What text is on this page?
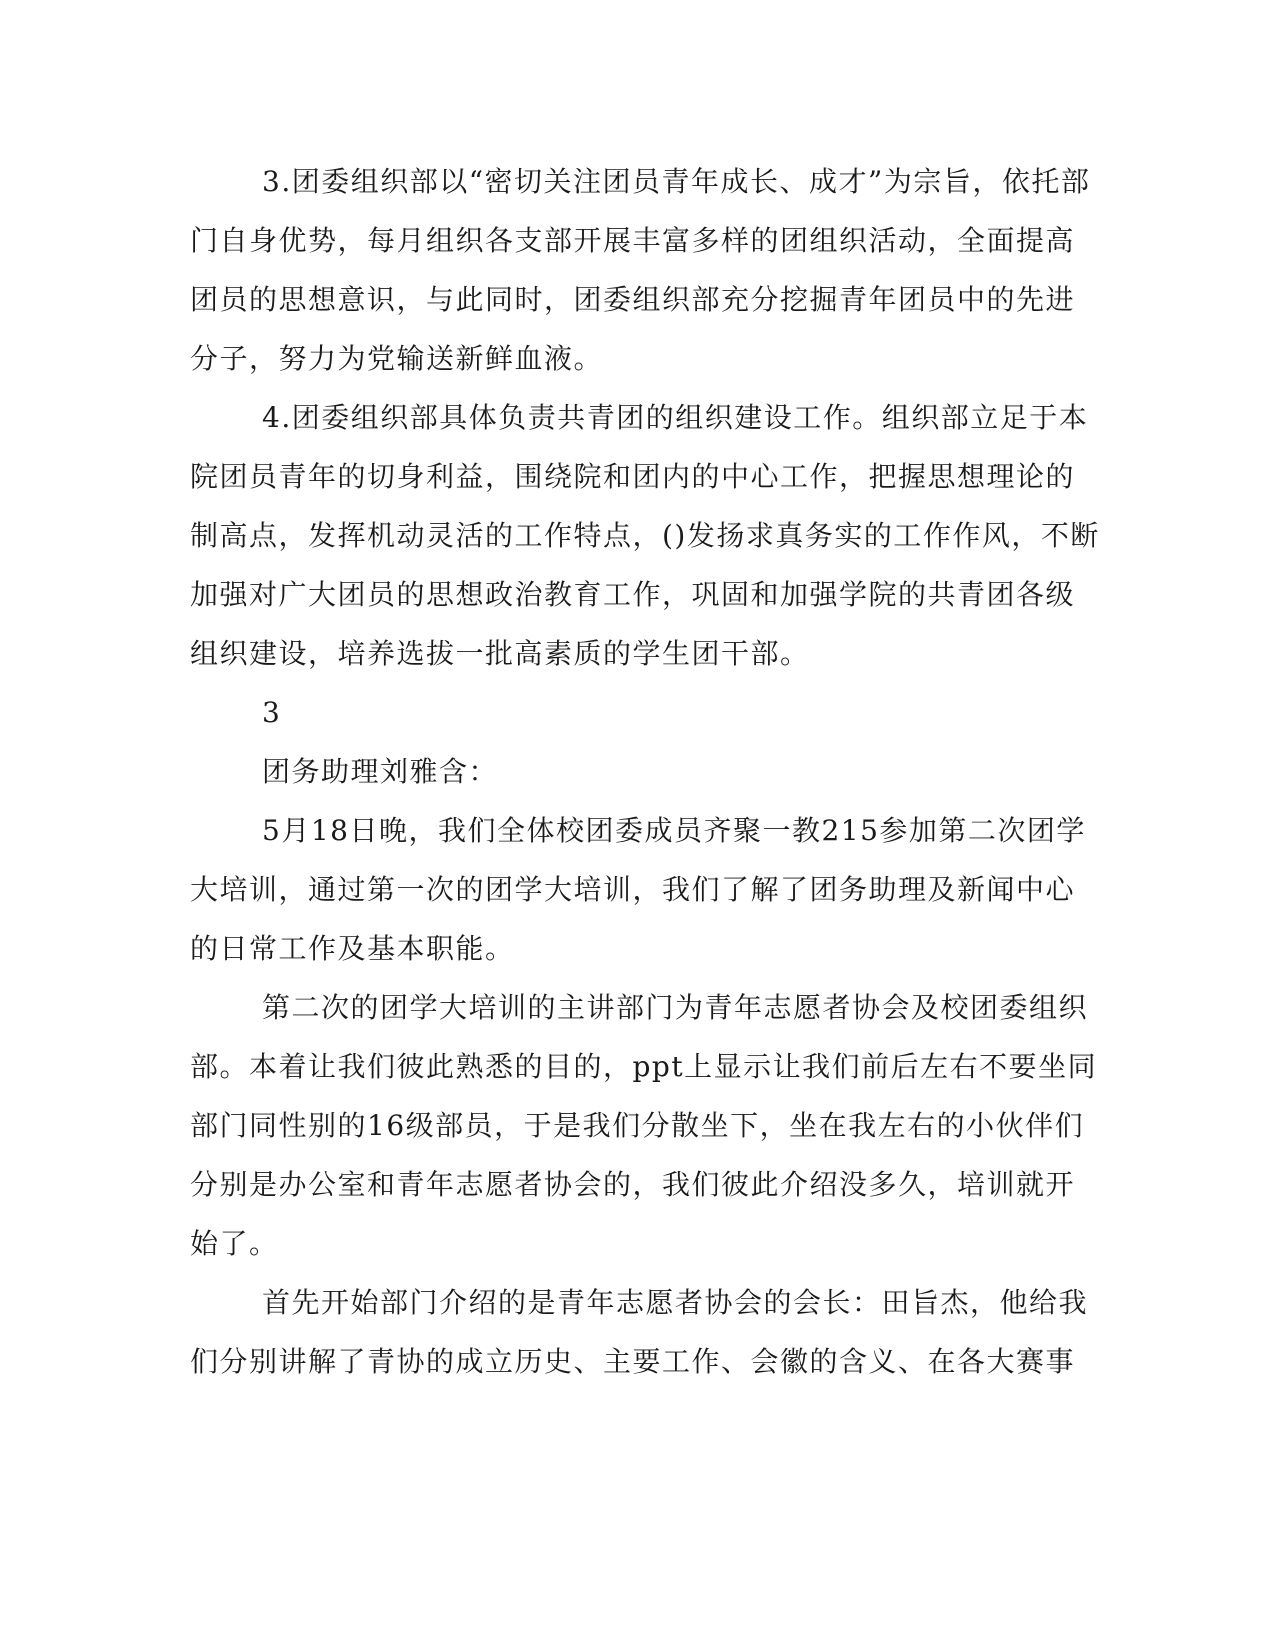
3.团委组织部以“密切关注团员青年成长、成才”为宗旨，依托部

门自身优势，每月组织各支部开展丰富多样的团组织活动，全面提高

团员的思想意识，与此同时，团委组织部充分挖掘青年团员中的先进

分子，努力为党输送新鲜血液。

4.团委组织部具体负责共青团的组织建设工作。组织部立足于本

院团员青年的切身利益，围绕院和团内的中心工作，把握思想理论的

制高点，发挥机动灵活的工作特点，()发扬求真务实的工作作风，不断

加强对广大团员的思想政治教育工作，巩固和加强学院的共青团各级

组织建设，培养选拔一批高素质的学生团干部。

3

团务助理刘雅含：

5月18日晚，我们全体校团委成员齐聚一教215参加第二次团学

大培训，通过第一次的团学大培训，我们了解了团务助理及新闻中心

的日常工作及基本职能。

第二次的团学大培训的主讲部门为青年志愿者协会及校团委组织

部。本着让我们彼此熟悉的目的，ppt上显示让我们前后左右不要坐同

部门同性别的16级部员，于是我们分散坐下，坐在我左右的小伙伴们

分别是办公室和青年志愿者协会的，我们彼此介绍没多久，培训就开

始了。

首先开始部门介绍的是青年志愿者协会的会长：田旨杰，他给我

们分别讲解了青协的成立历史、主要工作、会徽的含义、在各大赛事
